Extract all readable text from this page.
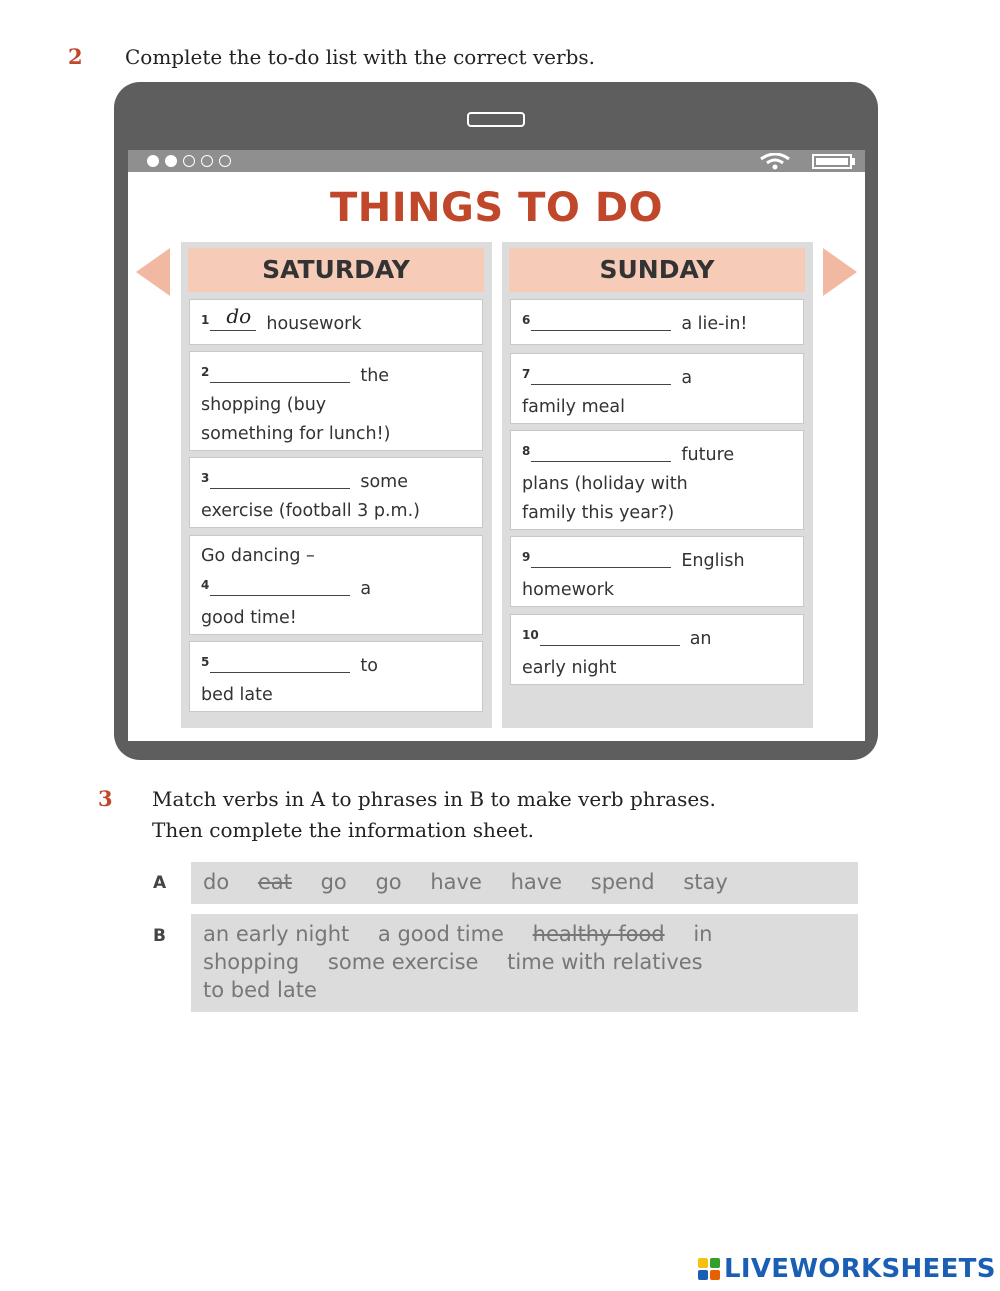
2 Complete the to-do list with the correct verbs.
THINGS TO DO
SATURDAY
$^1$ do housework
$^2$	the
shopping (buy
something for lunch!)
$^3$	some
exercise (football 3 p.m.)
Go dancing –
$^4$	a
good time!
$^5$	to
bed late
SUNDAY
$^6$	a lie-in!
$^7$	a
family meal
$^8$	future
plans (holiday with
family this year?)
$^9$	English
homework
$^{10}$	an
early night
3 Match verbs in A to phrases in B to make verb phrases.
Then complete the information sheet.
A	do eat go go have have spend stay
B	an early night a good time healthy food in
shopping some exercise time with relatives
to bed late
LIVEWORKSHEETS
